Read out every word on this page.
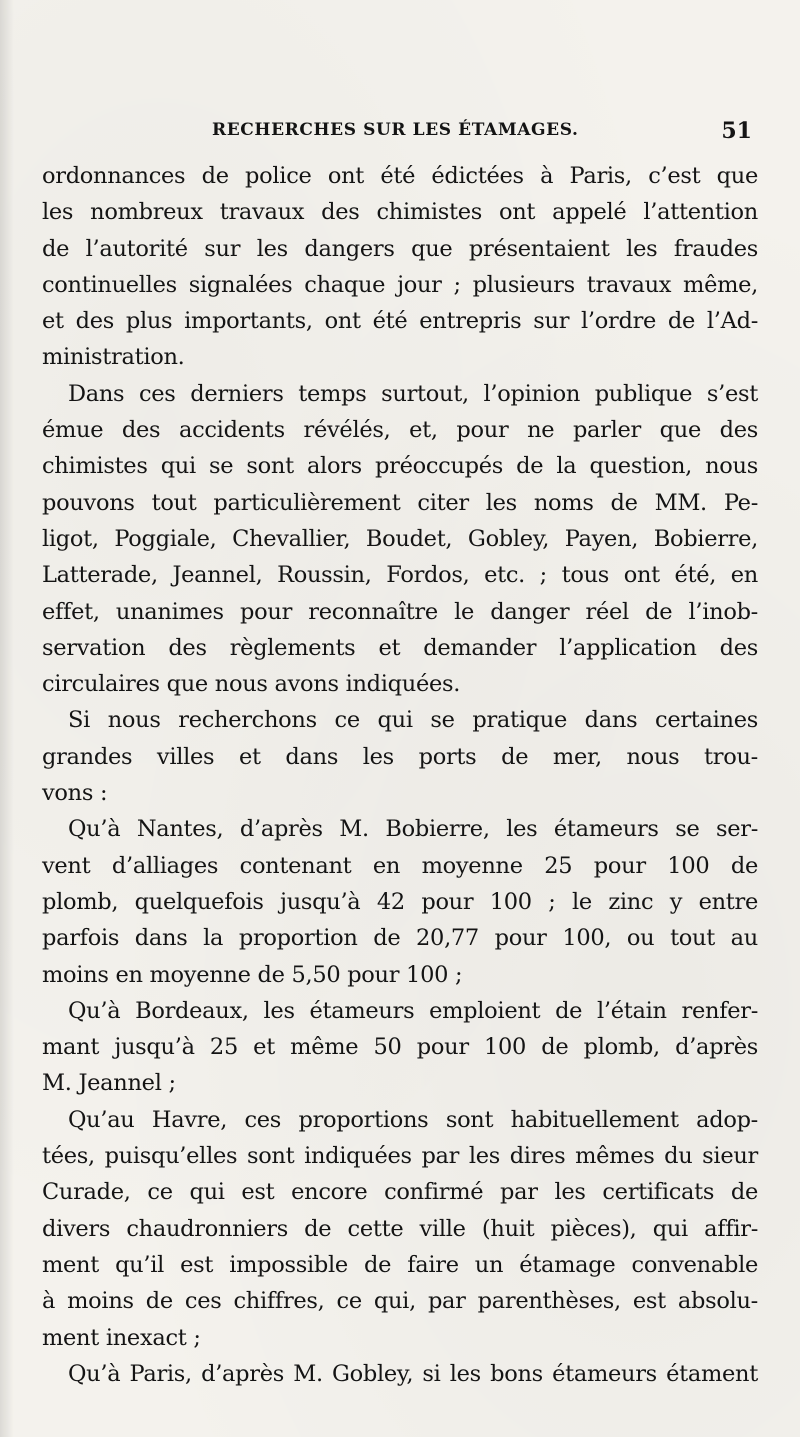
RECHERCHES SUR LES ÉTAMAGES.	51
ordonnances de police ont été édictées à Paris, c’est que
les nombreux travaux des chimistes ont appelé l’attention
de l’autorité sur les dangers que présentaient les fraudes
continuelles signalées chaque jour ; plusieurs travaux même,
et des plus importants, ont été entrepris sur l’ordre de l’Ad-
ministration.
Dans ces derniers temps surtout, l’opinion publique s’est
émue des accidents révélés, et, pour ne parler que des
chimistes qui se sont alors préoccupés de la question, nous
pouvons tout particulièrement citer les noms de MM. Pe-
ligot, Poggiale, Chevallier, Boudet, Gobley, Payen, Bobierre,
Latterade, Jeannel, Roussin, Fordos, etc. ; tous ont été, en
effet, unanimes pour reconnaître le danger réel de l’inob-
servation des règlements et demander l’application des
circulaires que nous avons indiquées.
Si nous recherchons ce qui se pratique dans certaines
grandes villes et dans les ports de mer, nous trou-
vons :
Qu’à Nantes, d’après M. Bobierre, les étameurs se ser-
vent d’alliages contenant en moyenne 25 pour 100 de
plomb, quelquefois jusqu’à 42 pour 100 ; le zinc y entre
parfois dans la proportion de 20,77 pour 100, ou tout au
moins en moyenne de 5,50 pour 100 ;
Qu’à Bordeaux, les étameurs emploient de l’étain renfer-
mant jusqu’à 25 et même 50 pour 100 de plomb, d’après
M. Jeannel ;
Qu’au Havre, ces proportions sont habituellement adop-
tées, puisqu’elles sont indiquées par les dires mêmes du sieur
Curade, ce qui est encore confirmé par les certificats de
divers chaudronniers de cette ville (huit pièces), qui affir-
ment qu’il est impossible de faire un étamage convenable
à moins de ces chiffres, ce qui, par parenthèses, est absolu-
ment inexact ;
Qu’à Paris, d’après M. Gobley, si les bons étameurs étament
